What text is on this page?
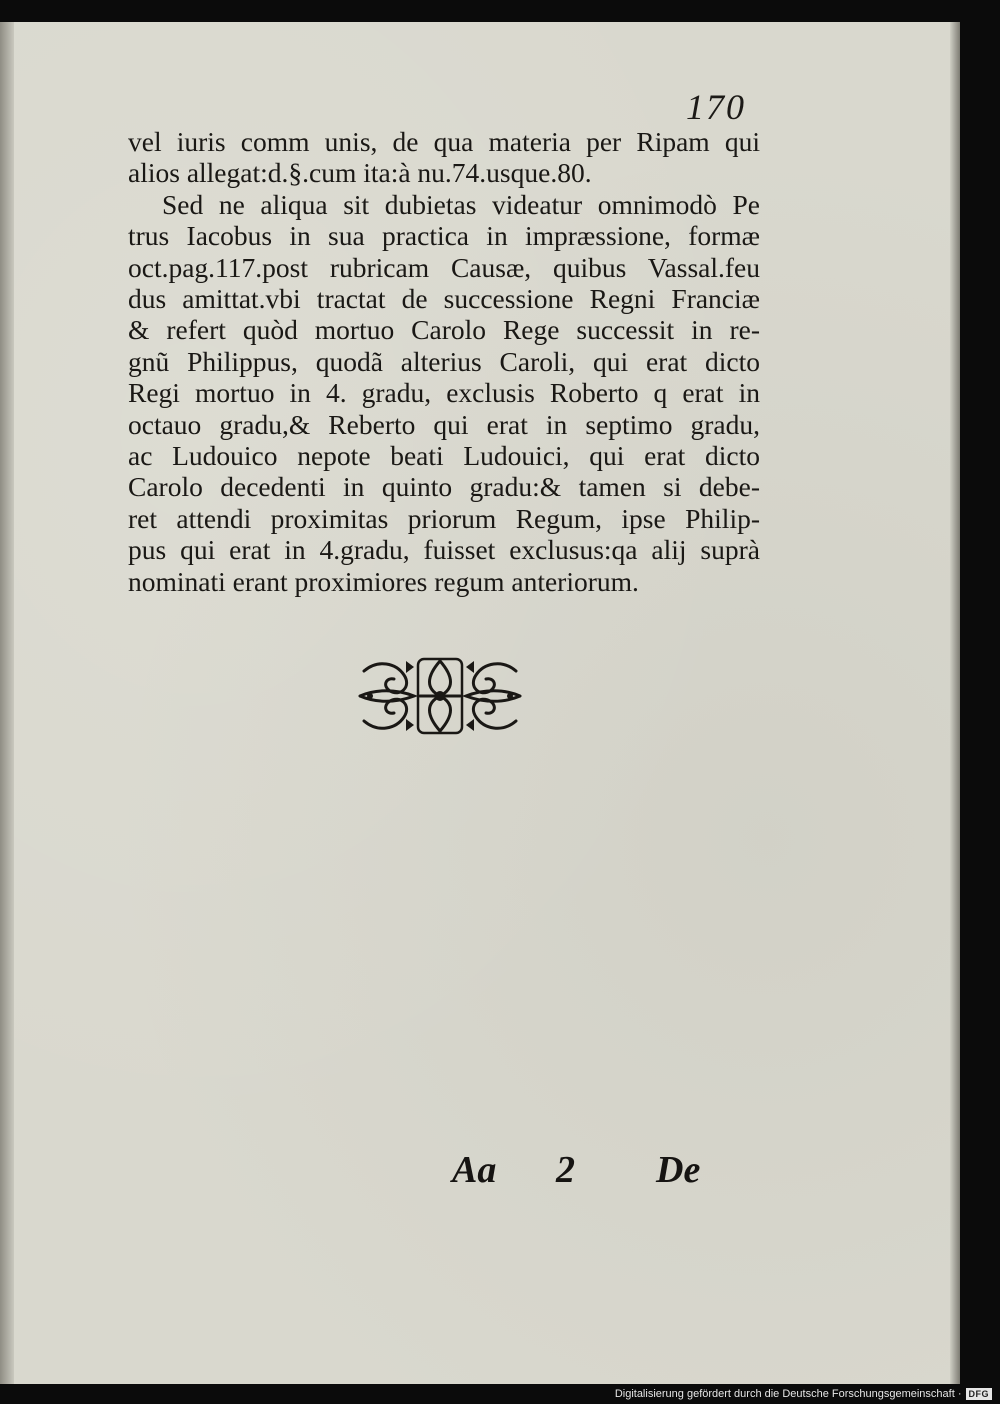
170
vel iuris comm unis, de qua materia per Ripam qui
alios allegat:d.§.cum ita:à nu.74.usque.80.
Sed ne aliqua sit dubietas videatur omnimodò Pe
trus Iacobus in sua practica in impræssione, formæ
oct.pag.117.post rubricam Causæ, quibus Vassal.feu
dus amittat.vbi tractat de successione Regni Franciæ
& refert quòd mortuo Carolo Rege successit in re-
gnũ Philippus, quodã alterius Caroli, qui erat dicto
Regi mortuo in 4. gradu, exclusis Roberto q erat in
octauo gradu,& Reberto qui erat in septimo gradu,
ac Ludouico nepote beati Ludouici, qui erat dicto
Carolo decedenti in quinto gradu:& tamen si debe-
ret attendi proximitas priorum Regum, ipse Philip-
pus qui erat in 4.gradu, fuisset exclusus:qa alij suprà
nominati erant proximiores regum anteriorum.
Aa 2 De
Digitalisierung gefördert durch die Deutsche Forschungsgemeinschaft · DFG
